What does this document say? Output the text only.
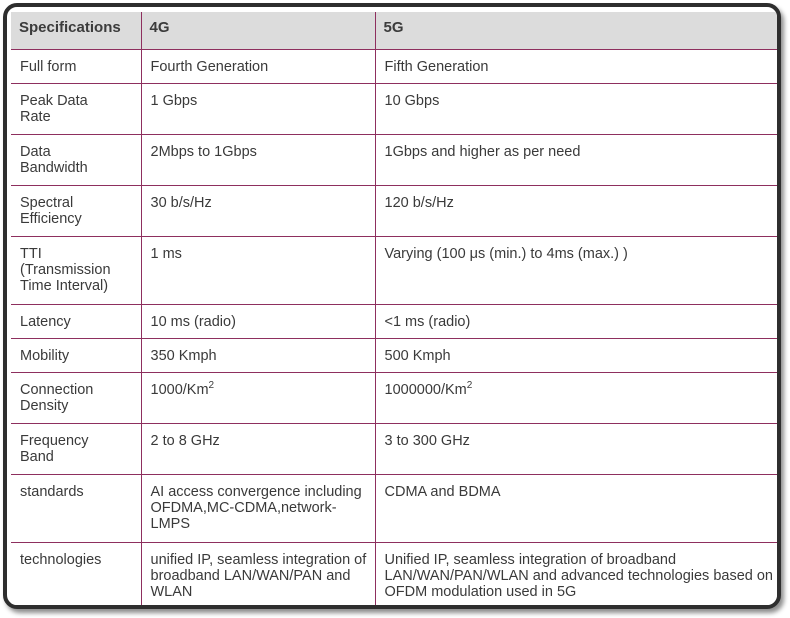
Specifications	4G	5G
Full form	Fourth Generation	Fifth Generation
Peak Data Rate	1 Gbps	10 Gbps
Data Bandwidth	2Mbps to 1Gbps	1Gbps and higher as per need
Spectral Efficiency	30 b/s/Hz	120 b/s/Hz
TTI (Transmission Time Interval)	1 ms	Varying (100 μs (min.) to 4ms (max.) )
Latency	10 ms (radio)	<1 ms (radio)
Mobility	350 Kmph	500 Kmph
Connection Density	1000/Km$^2$	1000000/Km$^2$
Frequency Band	2 to 8 GHz	3 to 300 GHz
standards	AI access convergence including OFDMA,MC-CDMA,network-LMPS	CDMA and BDMA
technologies	unified IP, seamless integration of broadband LAN/WAN/PAN and WLAN	Unified IP, seamless integration of broadband LAN/WAN/PAN/WLAN and advanced technologies based on OFDM modulation used in 5G
